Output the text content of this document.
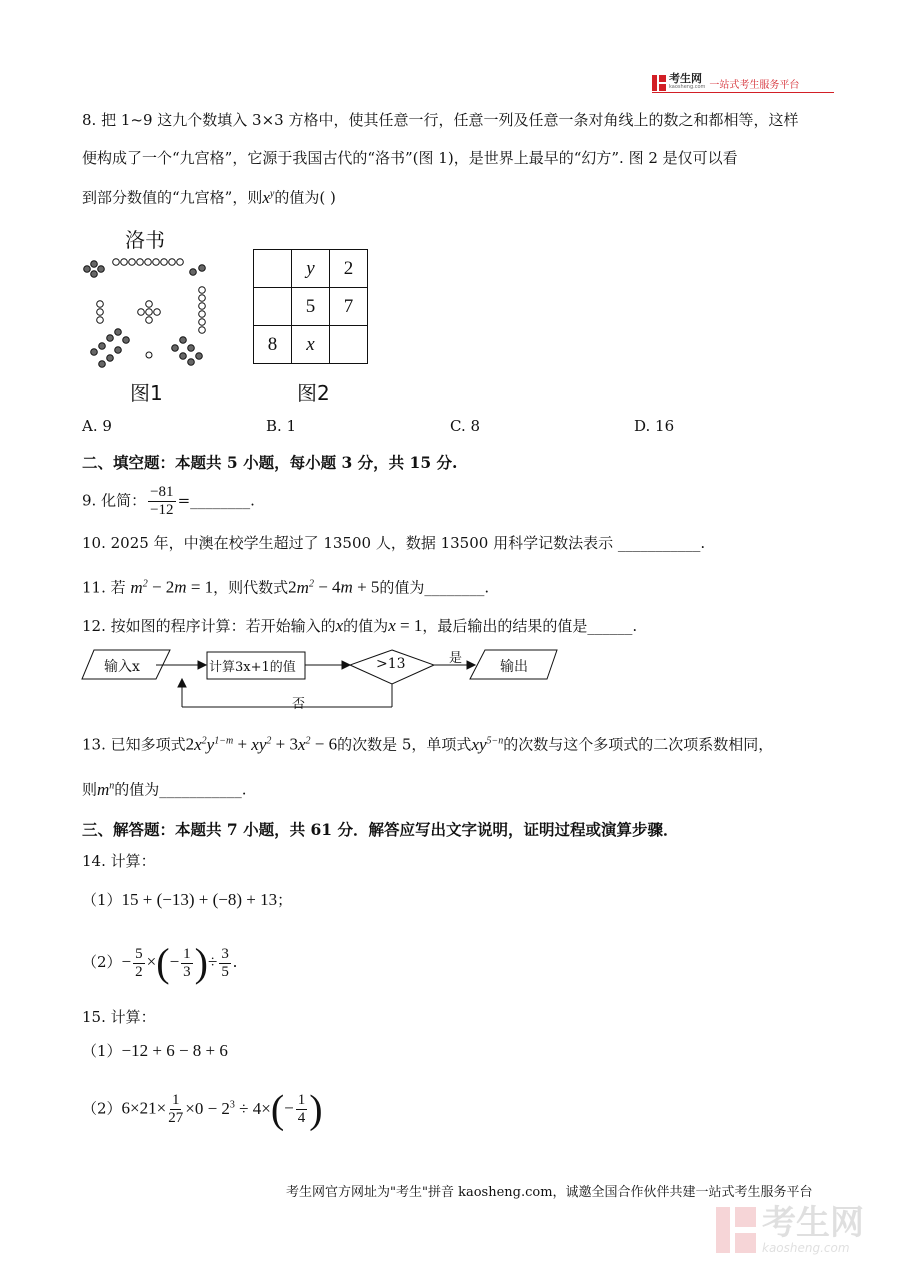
考生网
kaosheng.com 一站式考生服务平台
8. 把 1~9 这九个数填入 3×3 方格中，使其任意一行，任意一列及任意一条对角线上的数之和都相等，这样
便构成了一个“九宫格”，它源于我国古代的“洛书”(图 1)，是世界上最早的“幻方”. 图 2 是仅可以看
到部分数值的“九宫格”，则$x^y$的值为( )
洛书
图1
	y	2
	5	7
8	x	
图2
A. 9	B. 1	C. 8	D. 16
二、填空题：本题共 5 小题，每小题 3 分，共 15 分.
9. 化简： $\frac{-81}{-12}$ =________.
10. 2025 年，中澳在校学生超过了 13500 人，数据 13500 用科学记数法表示 ___________.
11. 若 $m^2 - 2m = 1$，则代数式$2m^2 - 4m + 5$的值为________.
12. 按如图的程序计算：若开始输入的x的值为x = 1，最后输出的结果的值是______.
输入x	计算3x+1的值	>13	是
输出
否
13. 已知多项式$2x^2y^{1-m} + xy^2 + 3x^2 - 6$的次数是 5，单项式$xy^{5-n}$的次数与这个多项式的二次项系数相同，
则$m^n$的值为___________.
三、解答题：本题共 7 小题，共 61 分．解答应写出文字说明，证明过程或演算步骤．
14. 计算：
（1）15 + (−13) + (−8) + 13；
$(2)- \frac{5}{2}$ ×(− $\frac{1}{3}$ )÷ $\frac{3}{5}$ .
15. 计算：
（1）−12 + 6 − 8 + 6
$(2)6\times 21\times \frac{1}{27} \times 0 - 2^3 \div 4\times(- \frac{1}{4}$ )
考生网官方网址为"考生"拼音 kaosheng.com，诚邀全国合作伙伴共建一站式考生服务平台
考生网
kaosheng.com
